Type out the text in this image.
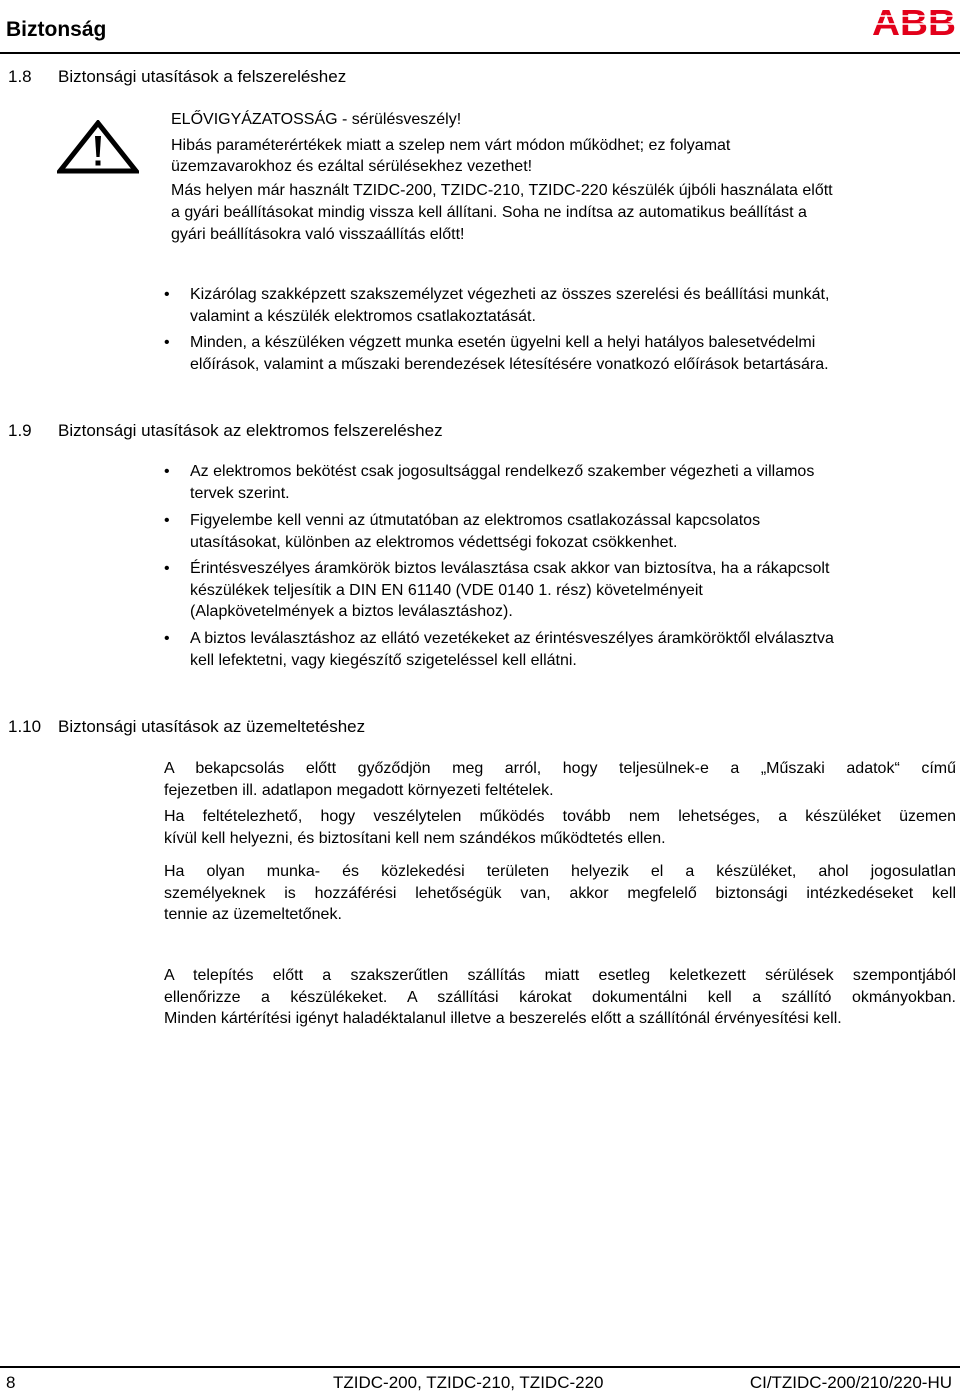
Biztonság	ABB
1.8 Biztonsági utasítások a felszereléshez
ELŐVIGYÁZATOSSÁG - sérülésveszély!
Hibás paraméterértékek miatt a szelep nem várt módon működhet; ez folyamat
üzemzavarokhoz és ezáltal sérülésekhez vezethet!
Más helyen már használt TZIDC-200, TZIDC-210, TZIDC-220 készülék újbóli használata előtt
a gyári beállításokat mindig vissza kell állítani. Soha ne indítsa az automatikus beállítást a
gyári beállításokra való visszaállítás előtt!
• Kizárólag szakképzett szakszemélyzet végezheti az összes szerelési és beállítási munkát,
valamint a készülék elektromos csatlakoztatását.
• Minden, a készüléken végzett munka esetén ügyelni kell a helyi hatályos balesetvédelmi
előírások, valamint a műszaki berendezések létesítésére vonatkozó előírások betartására.
1.9 Biztonsági utasítások az elektromos felszereléshez
• Az elektromos bekötést csak jogosultsággal rendelkező szakember végezheti a villamos
tervek szerint.
• Figyelembe kell venni az útmutatóban az elektromos csatlakozással kapcsolatos
utasításokat, különben az elektromos védettségi fokozat csökkenhet.
• Érintésveszélyes áramkörök biztos leválasztása csak akkor van biztosítva, ha a rákapcsolt
készülékek teljesítik a DIN EN 61140 (VDE 0140 1. rész) követelményeit
(Alapkövetelmények a biztos leválasztáshoz).
• A biztos leválasztáshoz az ellátó vezetékeket az érintésveszélyes áramköröktől elválasztva
kell lefektetni, vagy kiegészítő szigeteléssel kell ellátni.
1.10 Biztonsági utasítások az üzemeltetéshez
A bekapcsolás előtt győződjön meg arról, hogy teljesülnek-e a „Műszaki adatok“ című
fejezetben ill. adatlapon megadott környezeti feltételek.
Ha feltételezhető, hogy veszélytelen működés tovább nem lehetséges, a készüléket üzemen
kívül kell helyezni, és biztosítani kell nem szándékos működtetés ellen.
Ha olyan munka- és közlekedési területen helyezik el a készüléket, ahol jogosulatlan
személyeknek is hozzáférési lehetőségük van, akkor megfelelő biztonsági intézkedéseket kell
tennie az üzemeltetőnek.
A telepítés előtt a szakszerűtlen szállítás miatt esetleg keletkezett sérülések szempontjából
ellenőrizze a készülékeket. A szállítási károkat dokumentálni kell a szállító okmányokban.
Minden kártérítési igényt haladéktalanul illetve a beszerelés előtt a szállítónál érvényesítési kell.
8	TZIDC-200, TZIDC-210, TZIDC-220	CI/TZIDC-200/210/220-HU
